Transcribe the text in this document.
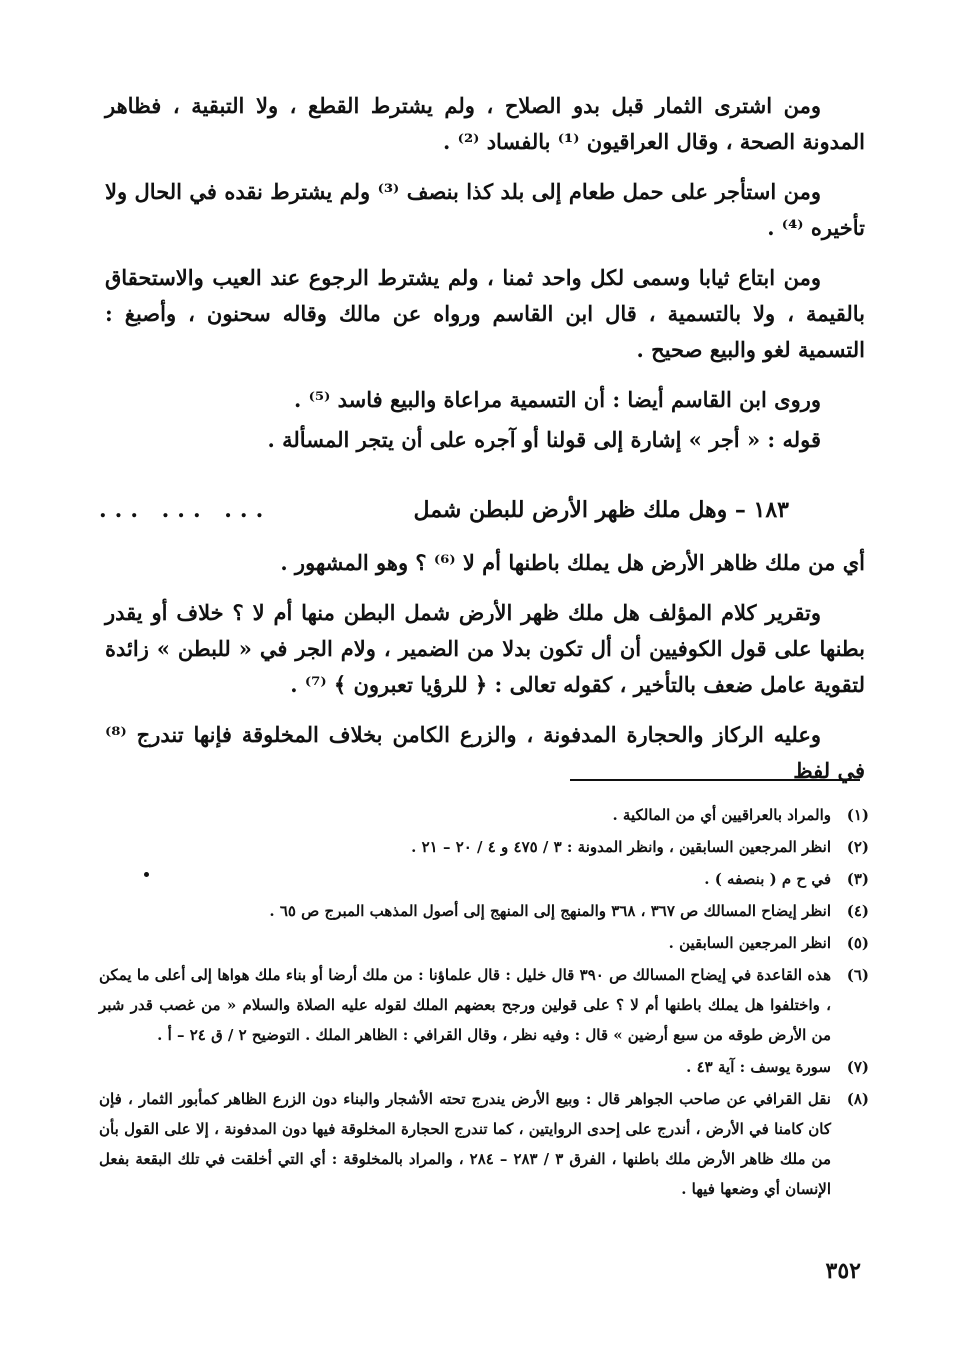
ومن اشترى الثمار قبل بدو الصلاح ، ولم يشترط القطع ، ولا التبقية ، فظاهر المدونة الصحة ، وقال العراقيون ⁽¹⁾ بالفساد ⁽²⁾ .

ومن استأجر على حمل طعام إلى بلد كذا بنصف ⁽³⁾ ولم يشترط نقده في الحال ولا تأخيره ⁽⁴⁾ .

ومن ابتاع ثيابا وسمى لكل واحد ثمنا ، ولم يشترط الرجوع عند العيب والاستحقاق بالقيمة ، ولا بالتسمية ، قال ابن القاسم ورواه عن مالك وقاله سحنون ، وأصبغ : التسمية لغو والبيع صحيح .

وروى ابن القاسم أيضا : أن التسمية مراعاة والبيع فاسد ⁽⁵⁾ .

قوله : « أجر » إشارة إلى قولنا أو آجره على أن يتجر المسألة .

١٨٣ – وهل ملك ظهر الأرض للبطن شمل
... ... ...

أي من ملك ظاهر الأرض هل يملك باطنها أم لا ⁽⁶⁾ ؟ وهو المشهور .

وتقرير كلام المؤلف هل ملك ظهر الأرض شمل البطن منها أم لا ؟ خلاف أو يقدر بطنها على قول الكوفيين أن أل تكون بدلا من الضمير ، ولام الجر في « للبطن » زائدة لتقوية عامل ضعف بالتأخير ، كقوله تعالى : ﴿ للرؤيا تعبرون ﴾ ⁽⁷⁾ .

وعليه الركاز والحجارة المدفونة ، والزرع الكامن بخلاف المخلوقة فإنها تندرج ⁽⁸⁾ في لفظ

(١)
والمراد بالعراقيين أي من المالكية .
(٢)
انظر المرجعين السابقين ، وانظر المدونة : ٣ / ٤٧٥ و ٤ / ٢٠ – ٢١ .
(٣)
في ح م ( بنصفه ) .
(٤)
انظر إيضاح المسالك ص ٣٦٧ ، ٣٦٨ والمنهج إلى المنهج إلى أصول المذهب المبرج ص ٦٥ .
(٥)
انظر المرجعين السابقين .
(٦)
هذه القاعدة في إيضاح المسالك ص ٣٩٠ قال خليل : قال علماؤنا : من ملك أرضا أو بناء ملك هواها إلى أعلى ما يمكن ، واختلفوا هل يملك باطنها أم لا ؟ على قولين ورجح بعضهم الملك لقوله عليه الصلاة والسلام « من غصب قدر شبر من الأرض طوقه من سبع أرضين » قال : وفيه نظر ، وقال القرافي : الظاهر الملك . التوضيح ٢ / ق ٢٤ – أ .
(٧)
سورة يوسف : آية ٤٣ .
(٨)
نقل القرافي عن صاحب الجواهر قال : وبيع الأرض يندرج تحته الأشجار والبناء دون الزرع الظاهر كمأبور الثمار ، فإن كان كامنا في الأرض ، أندرج على إحدى الروايتين ، كما تندرج الحجارة المخلوقة فيها دون المدفونة ، إلا على القول بأن من ملك ظاهر الأرض ملك باطنها ، الفرق ٣ / ٢٨٣ – ٢٨٤ ، والمراد بالمخلوقة : أي التي أخلقت في تلك البقعة بفعل الإنسان أي وضعها فيها .
٣٥٢
